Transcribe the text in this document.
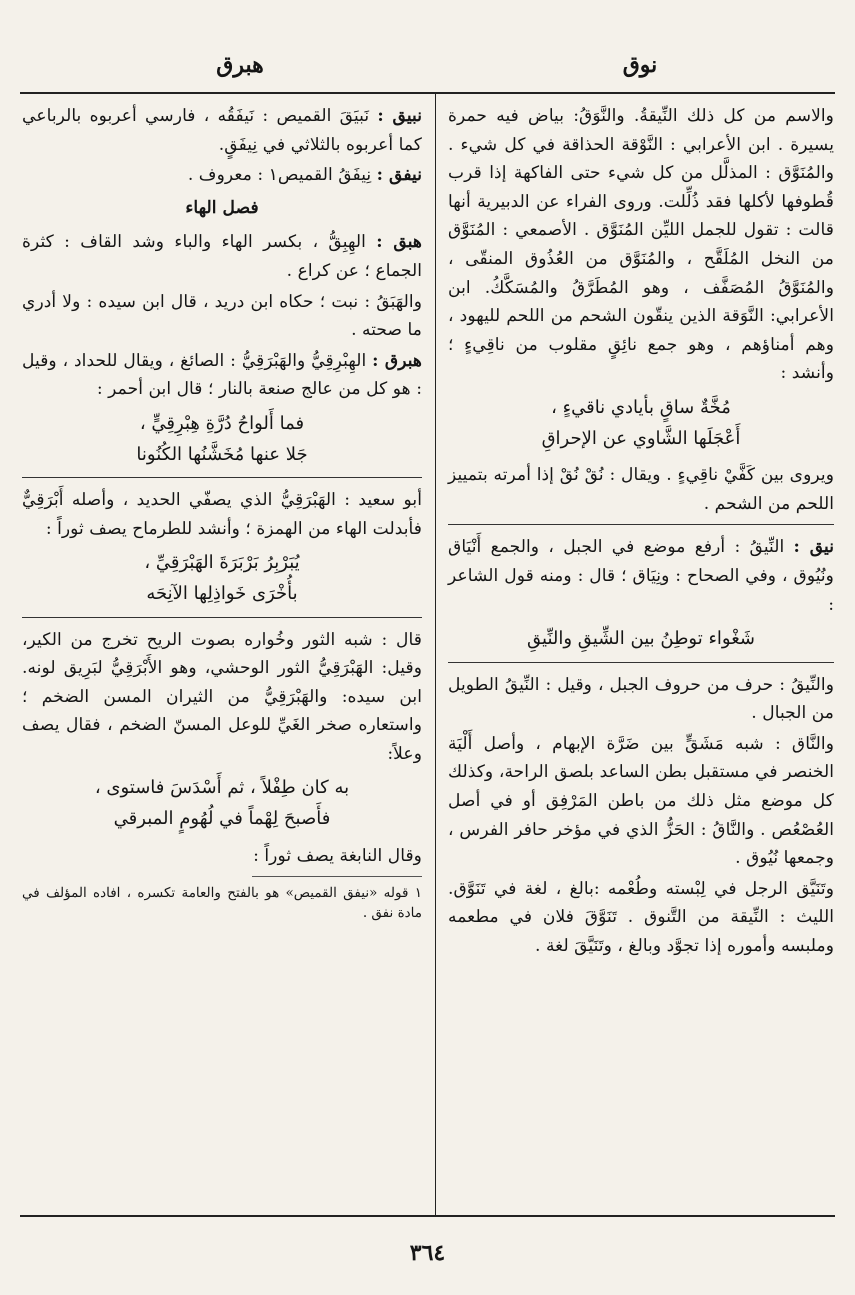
نوق
هبرق
والاسم من كل ذلك النِّيقةُ. والنَّوَقُ: بياض فيه حمرة يسيرة . ابن الأعرابي : النَّوْقة الحذاقة في كل شيء . والمُنَوَّق : المذلَّل من كل شيء حتى الفاكهة إذا قرب قُطوفها لأكلها فقد ذُلِّلت. وروى الفراء عن الدبيرية أنها قالت : تقول للجمل الليِّن المُنَوَّق . الأصمعي : المُنَوَّق من النخل المُلَقَّح ، والمُنَوَّق من العُذُوق المنقّى ، والمُنَوَّقُ المُصَفَّف ، وهو المُطَرَّقُ والمُسَكَّكُ. ابن الأعرابي: النَّوَقة الذين ينقّون الشحم من اللحم لليهود ، وهم أمناؤهم ، وهو جمع نائِقٍ مقلوب من ناقِيءٍ ؛ وأنشد :
مُخَّةٌ ساقٍ بأيادي ناقيءٍ ،
أَعْجَلَها الشَّاوي عن الإحراقِ
ويروى بين كَفَّيْ ناقِيءٍ . ويقال : نُقْ نُقْ إذا أمرته بتمييز اللحم من الشحم .
نيق : النِّيقُ : أرفع موضع في الجبل ، والجمع أَنْيَاق ونُيُوق ، وفي الصحاح : ونِيَاق ؛ قال : ومنه قول الشاعر :
شَغْواء توطِنُ بين الشِّيقِ والنِّيقِ
والنِّيقُ : حرف من حروف الجبل ، وقيل : النِّيقُ الطويل من الجبال .
والنَّاق : شبه مَشَقٍّ بين ضَرَّة الإبهام ، وأصل أَلْيَة الخنصر في مستقبل بطن الساعد بلصق الراحة، وكذلك كل موضع مثل ذلك من باطن المَرْفِق أو في أصل العُصْعُص . والنَّاقُ : الحَزُّ الذي في مؤخر حافر الفرس ، وجمعها نُيُوق .
وتَنَيَّق الرجل في لِبْسته وطُعْمه :بالغ ، لغة في تَنَوَّق. الليث : النِّيقة من التَّنوق . تَنَوَّقَ فلان في مطعمه وملبسه وأموره إذا تجوَّد وبالغ ، وتَنَيَّقَ لغة .
نبيق : نَبيَقَ القميص : نَيفَقُه ، فارسي أعربوه بالرباعي كما أعربوه بالثلاثي في نِيفَقٍ.
نيفق : نِيفَقُ القميص١ : معروف .
فصل الهاء
هبق : الهِبِقُّ ، بكسر الهاء والباء وشد القاف : كثرة الجماع ؛ عن كراع .
والهَبَقُ : نبت ؛ حكاه ابن دريد ، قال ابن سيده : ولا أدري ما صحته .
هبرق : الهِبْرِقِيُّ والهَبْرَقِيُّ : الصائغ ، ويقال للحداد ، وقيل : هو كل من عالج صنعة بالنار ؛ قال ابن أحمر :
فما أَلواحُ دُرَّةِ هِبْرِقِيٍّ ،
جَلا عنها مُخَشَّنُها الكُنُونا
أبو سعيد : الهَبْرَقِيُّ الذي يصفّي الحديد ، وأصله أَبْرَقِيٌّ فأبدلت الهاء من الهمزة ؛ وأنشد للطرماح يصف ثوراً :
يُبَرْبِرُ بَرْبَرَةَ الهَبْرَقِيِّ ،
بأُخْرَى خَواذِلِها الآنِحَه
قال : شبه الثور وخُواره بصوت الريح تخرج من الكير، وقيل: الهَبْرَقِيُّ الثور الوحشي، وهو الأَبْرَقِيُّ لبَرِيق لونه. ابن سيده: والهَبْرَقِيُّ من الثيران المسن الضخم ؛ واستعاره صخر الغَيِّ للوعل المسنّ الضخم ، فقال يصف وعلاً:
به كان طِفْلاً ، ثم أَسْدَسَ فاستوى ،
فأَصبحَ لِهْماً في لُهُومٍ المبرقي
وقال النابغة يصف ثوراً :
١ قوله «نيفق القميص» هو بالفتح والعامة تكسره ، افاده المؤلف في مادة نفق .
٣٦٤
